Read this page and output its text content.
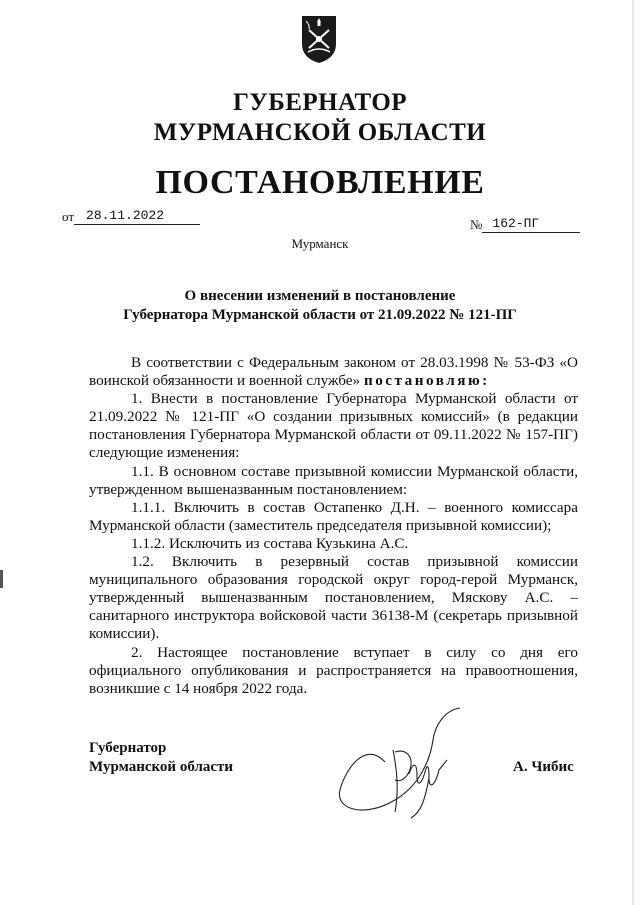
ГУБЕРНАТОР
МУРМАНСКОЙ ОБЛАСТИ
ПОСТАНОВЛЕНИЕ
от 28.11.2022
№ 162-ПГ
Мурманск
О внесении изменений в постановление
Губернатора Мурманской области от 21.09.2022 № 121-ПГ

В соответствии с Федеральным законом от 28.03.1998 № 53-ФЗ «О воинской обязанности и военной службе» постановляю:

1. Внести в постановление Губернатора Мурманской области от 21.09.2022 № 121-ПГ «О создании призывных комиссий» (в редакции постановления Губернатора Мурманской области от 09.11.2022 № 157-ПГ) следующие изменения:

1.1. В основном составе призывной комиссии Мурманской области, утвержденном вышеназванным постановлением:

1.1.1. Включить в состав Остапенко Д.Н. – военного комиссара Мурманской области (заместитель председателя призывной комиссии);

1.1.2. Исключить из состава Кузькина А.С.

1.2. Включить в резервный состав призывной комиссии муниципального образования городской округ город-герой Мурманск, утвержденный вышеназванным постановлением, Мяскову А.С. – санитарного инструктора войсковой части 36138-М (секретарь призывной комиссии).

2. Настоящее постановление вступает в силу со дня его официального опубликования и распространяется на правоотношения, возникшие с 14 ноября 2022 года.

Губернатор
Мурманской области	А. Чибис
